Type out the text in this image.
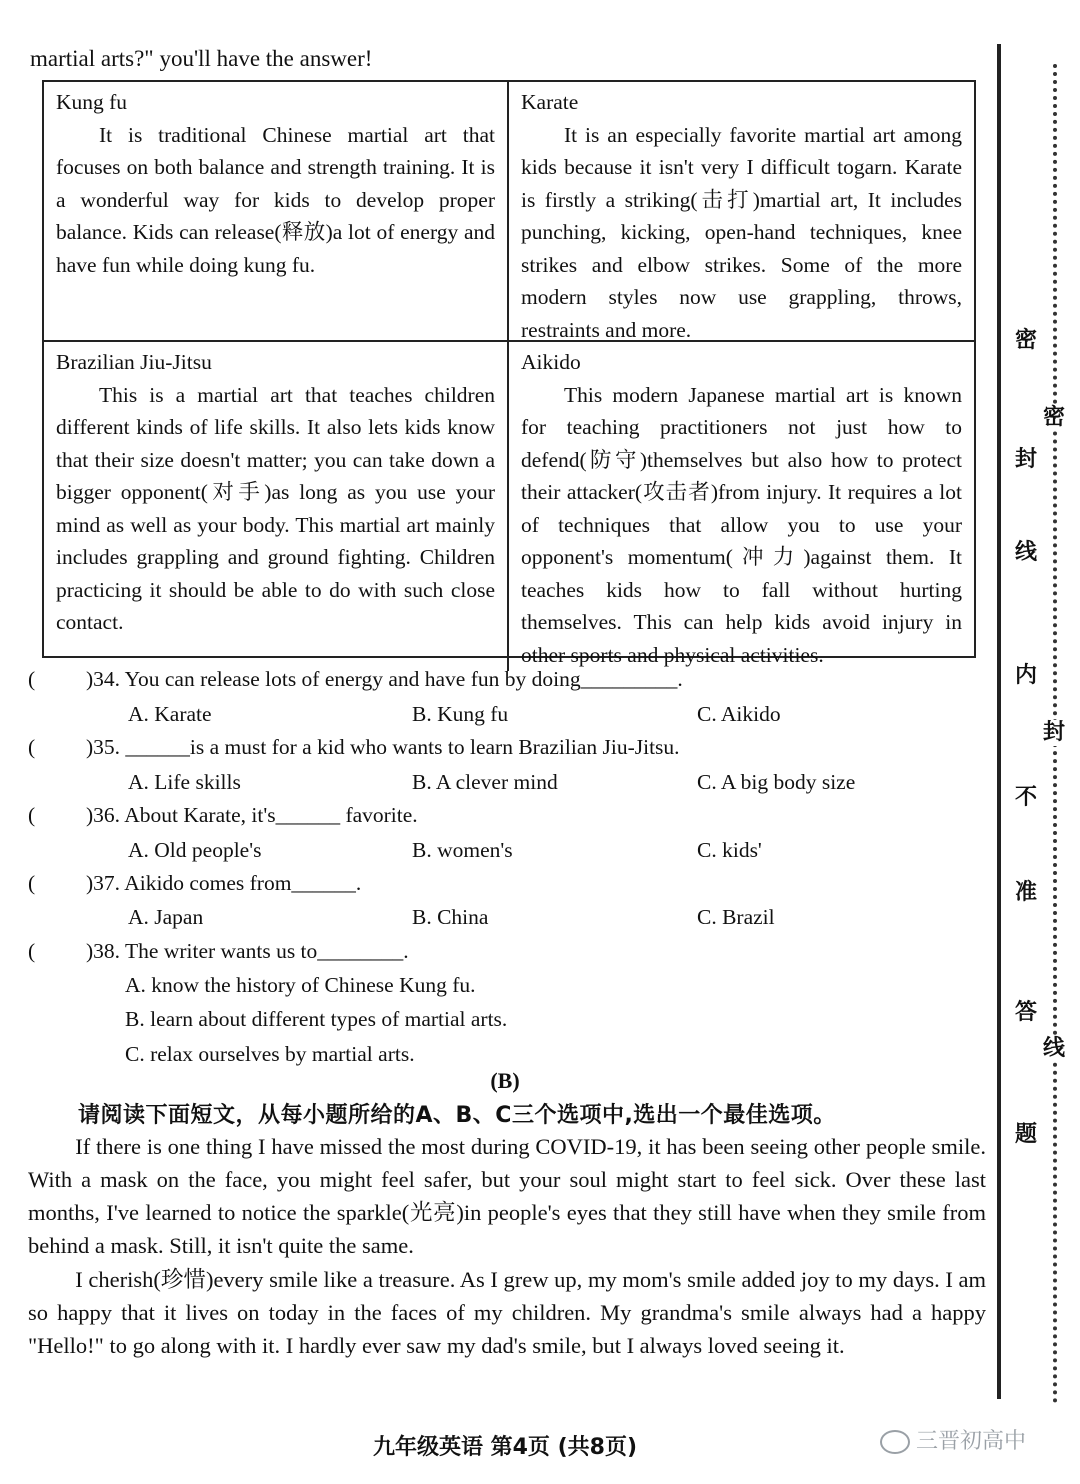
martial arts?" you'll have the answer!
Kung fu

It is traditional Chinese martial art that focuses on both balance and strength training. It is a wonderful way for kids to develop proper balance. Kids can release(释放)a lot of energy and have fun while doing kung fu.

Karate

It is an especially favorite martial art among kids because it isn't very I difficult togarn. Karate is firstly a striking(击打)martial art, It includes punching, kicking, open-hand techniques, knee strikes and elbow strikes. Some of the more modern styles now use grappling, throws, restraints and more.

Brazilian Jiu-Jitsu

This is a martial art that teaches children different kinds of life skills. It also lets kids know that their size doesn't matter; you can take down a bigger opponent(对手)as long as you use your mind as well as your body. This martial art mainly includes grappling and ground fighting. Children practicing it should be able to do with such close contact.

Aikido

This modern Japanese martial art is known for teaching practitioners not just how to defend(防守)themselves but also how to protect their attacker(攻击者)from injury. It requires a lot of techniques that allow you to use your opponent's momentum(冲力)against them. It teaches kids how to fall without hurting themselves. This can help kids avoid injury in other sports and physical activities.

( )34. You can release lots of energy and have fun by doing_________.
A. Karate	B. Kung fu	C. Aikido
( )35. ______is a must for a kid who wants to learn Brazilian Jiu-Jitsu.
A. Life skills	B. A clever mind	C. A big body size
( )36. About Karate, it's______ favorite.
A. Old people's	B. women's	C. kids'
( )37. Aikido comes from______.
A. Japan	B. China	C. Brazil
( )38. The writer wants us to________.
A. know the history of Chinese Kung fu.
B. learn about different types of martial arts.
C. relax ourselves by martial arts.
(B)
请阅读下面短文，从每小题所给的A、B、C三个选项中,选出一个最佳选项。

If there is one thing I have missed the most during COVID-19, it has been seeing other people smile. With a mask on the face, you might feel safer, but your soul might start to feel sick. Over these last months, I've learned to notice the sparkle(光亮)in people's eyes that they still have when they smile from behind a mask. Still, it isn't quite the same.

I cherish(珍惜)every smile like a treasure. As I grew up, my mom's smile added joy to my days. I am so happy that it lives on today in the faces of my children. My grandma's smile always had a happy "Hello!" to go along with it. I hardly ever saw my dad's smile, but I always loved seeing it.

九年级英语 第4页 (共8页)	三晋初高中
密
封
线
内
不
准
答
题
密
封
线
